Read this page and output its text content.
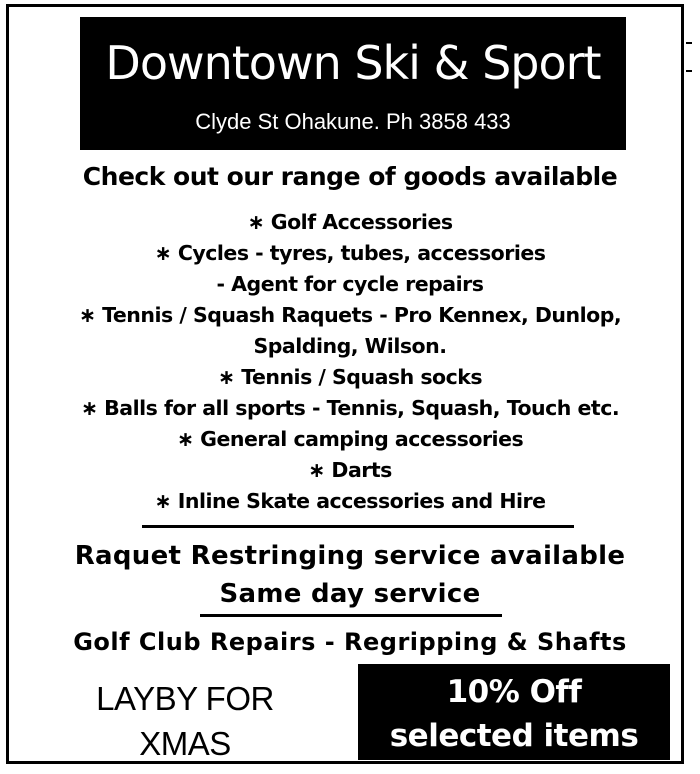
Downtown Ski & Sport
Clyde St Ohakune. Ph 3858 433
Check out our range of goods available
∗ Golf Accessories
∗ Cycles - tyres, tubes, accessories
- Agent for cycle repairs
∗ Tennis / Squash Raquets - Pro Kennex, Dunlop,
Spalding, Wilson.
∗ Tennis / Squash socks
∗ Balls for all sports - Tennis, Squash, Touch etc.
∗ General camping accessories
∗ Darts
∗ Inline Skate accessories and Hire
Raquet Restringing service available
Same day service
Golf Club Repairs - Regripping & Shafts
LAYBY FOR
XMAS
10% Off
selected items
